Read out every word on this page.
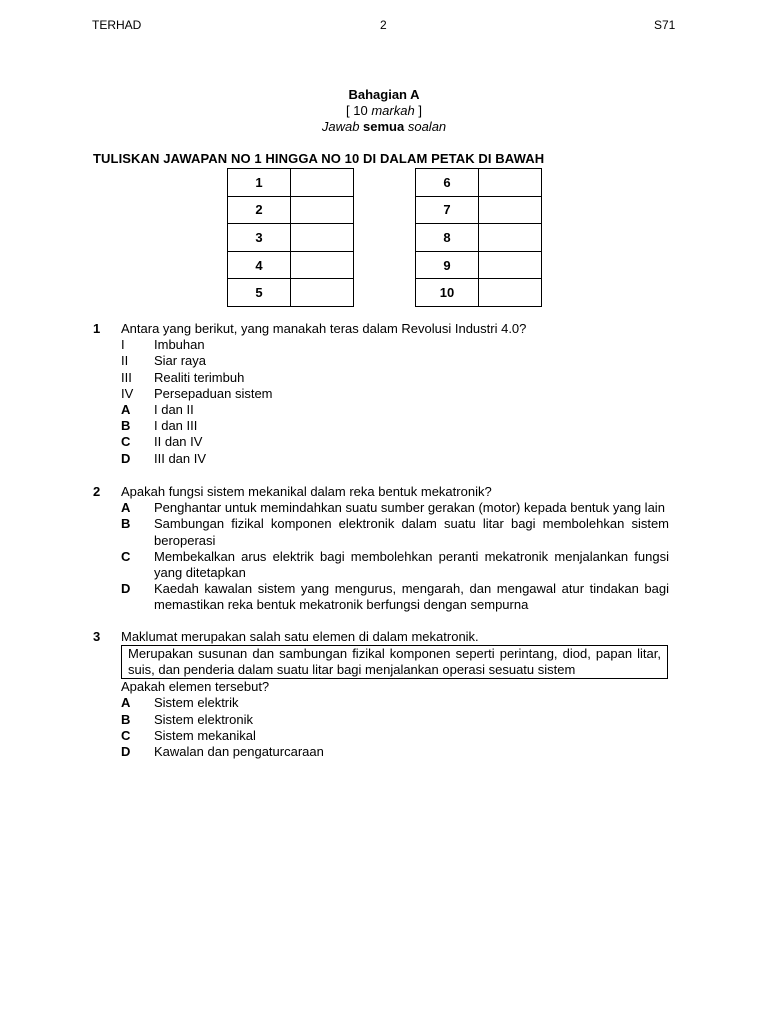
TERHAD	2	S71
Bahagian A
[ 10 markah ]
Jawab semua soalan
TULISKAN JAWAPAN NO 1 HINGGA NO 10 DI DALAM PETAK DI BAWAH
1	
2	
3	
4	
5	
6	
7	
8	
9	
10	
1	Antara yang berikut, yang manakah teras dalam Revolusi Industri 4.0?
I	Imbuhan
II	Siar raya
III	Realiti terimbuh
IV	Persepaduan sistem
A	I dan II
B	I dan III
C	II dan IV
D	III dan IV
2	Apakah fungsi sistem mekanikal dalam reka bentuk mekatronik?
A	Penghantar untuk memindahkan suatu sumber gerakan (motor) kepada bentuk yang lain
B	Sambungan fizikal komponen elektronik dalam suatu litar bagi membolehkan sistem beroperasi
C	Membekalkan arus elektrik bagi membolehkan peranti mekatronik menjalankan fungsi yang ditetapkan
D	Kaedah kawalan sistem yang mengurus, mengarah, dan mengawal atur tindakan bagi memastikan reka bentuk mekatronik berfungsi dengan sempurna
3	Maklumat merupakan salah satu elemen di dalam mekatronik.
Merupakan susunan dan sambungan fizikal komponen seperti perintang, diod, papan litar, suis, dan penderia dalam suatu litar bagi menjalankan operasi sesuatu sistem
Apakah elemen tersebut?
A	Sistem elektrik
B	Sistem elektronik
C	Sistem mekanikal
D	Kawalan dan pengaturcaraan
